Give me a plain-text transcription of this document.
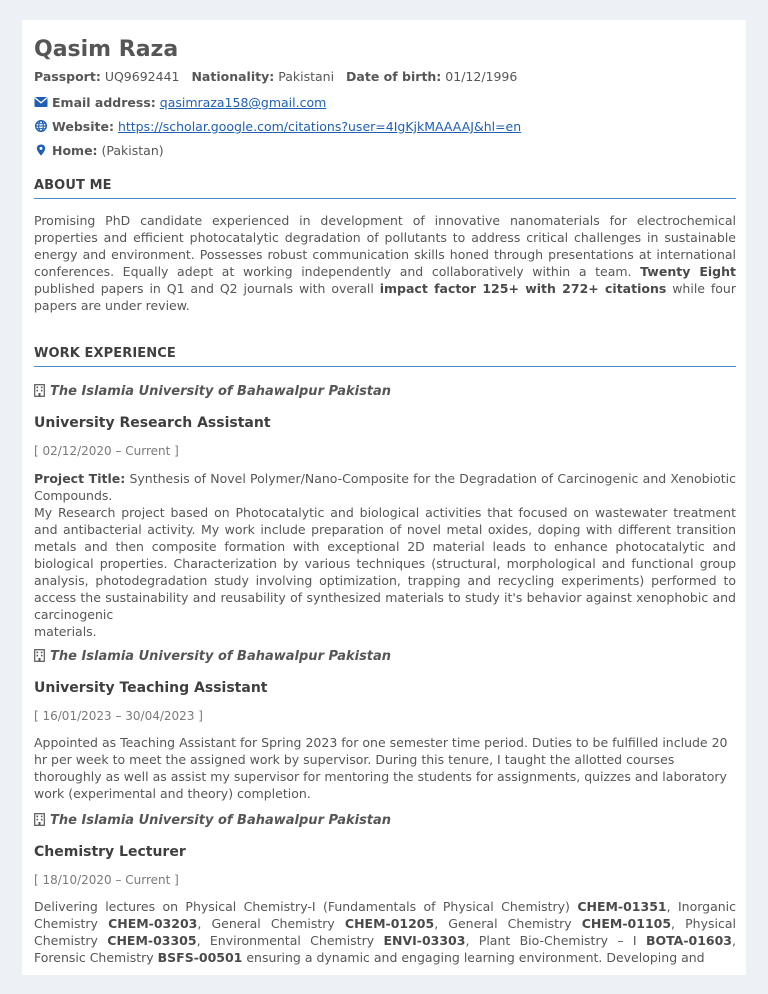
Qasim Raza
Passport: UQ9692441 Nationality: Pakistani Date of birth: 01/12/1996
Email address: qasimraza158@gmail.com
Website: https://scholar.google.com/citations?user=4IgKjkMAAAAJ&hl=en
Home: (Pakistan)
ABOUT ME

Promising PhD candidate experienced in development of innovative nanomaterials for electrochemical properties and efficient photocatalytic degradation of pollutants to address critical challenges in sustainable energy and environment. Possesses robust communication skills honed through presentations at international conferences. Equally adept at working independently and collaboratively within a team. Twenty Eight published papers in Q1 and Q2 journals with overall impact factor 125+ with 272+ citations while four papers are under review.

WORK EXPERIENCE
The Islamia University of Bahawalpur Pakistan
University Research Assistant
[ 02/12/2020 – Current ]

Project Title: Synthesis of Novel Polymer/Nano-Composite for the Degradation of Carcinogenic and Xenobiotic Compounds.

My Research project based on Photocatalytic and biological activities that focused on wastewater treatment and antibacterial activity. My work include preparation of novel metal oxides, doping with different transition metals and then composite formation with exceptional 2D material leads to enhance photocatalytic and biological properties. Characterization by various techniques (structural, morphological and functional group analysis, photodegradation study involving optimization, trapping and recycling experiments) performed to access the sustainability and reusability of synthesized materials to study it's behavior against xenophobic and carcinogenic
materials.

The Islamia University of Bahawalpur Pakistan
University Teaching Assistant
[ 16/01/2023 – 30/04/2023 ]

Appointed as Teaching Assistant for Spring 2023 for one semester time period. Duties to be fulfilled include 20 hr per week to meet the assigned work by supervisor. During this tenure, I taught the allotted courses thoroughly as well as assist my supervisor for mentoring the students for assignments, quizzes and laboratory work (experimental and theory) completion.

The Islamia University of Bahawalpur Pakistan
Chemistry Lecturer
[ 18/10/2020 – Current ]

Delivering lectures on Physical Chemistry-I (Fundamentals of Physical Chemistry) CHEM-01351, Inorganic Chemistry CHEM-03203, General Chemistry CHEM-01205, General Chemistry CHEM-01105, Physical Chemistry CHEM-03305, Environmental Chemistry ENVI-03303, Plant Bio-Chemistry – I BOTA-01603, Forensic Chemistry BSFS-00501 ensuring a dynamic and engaging learning environment. Developing and
